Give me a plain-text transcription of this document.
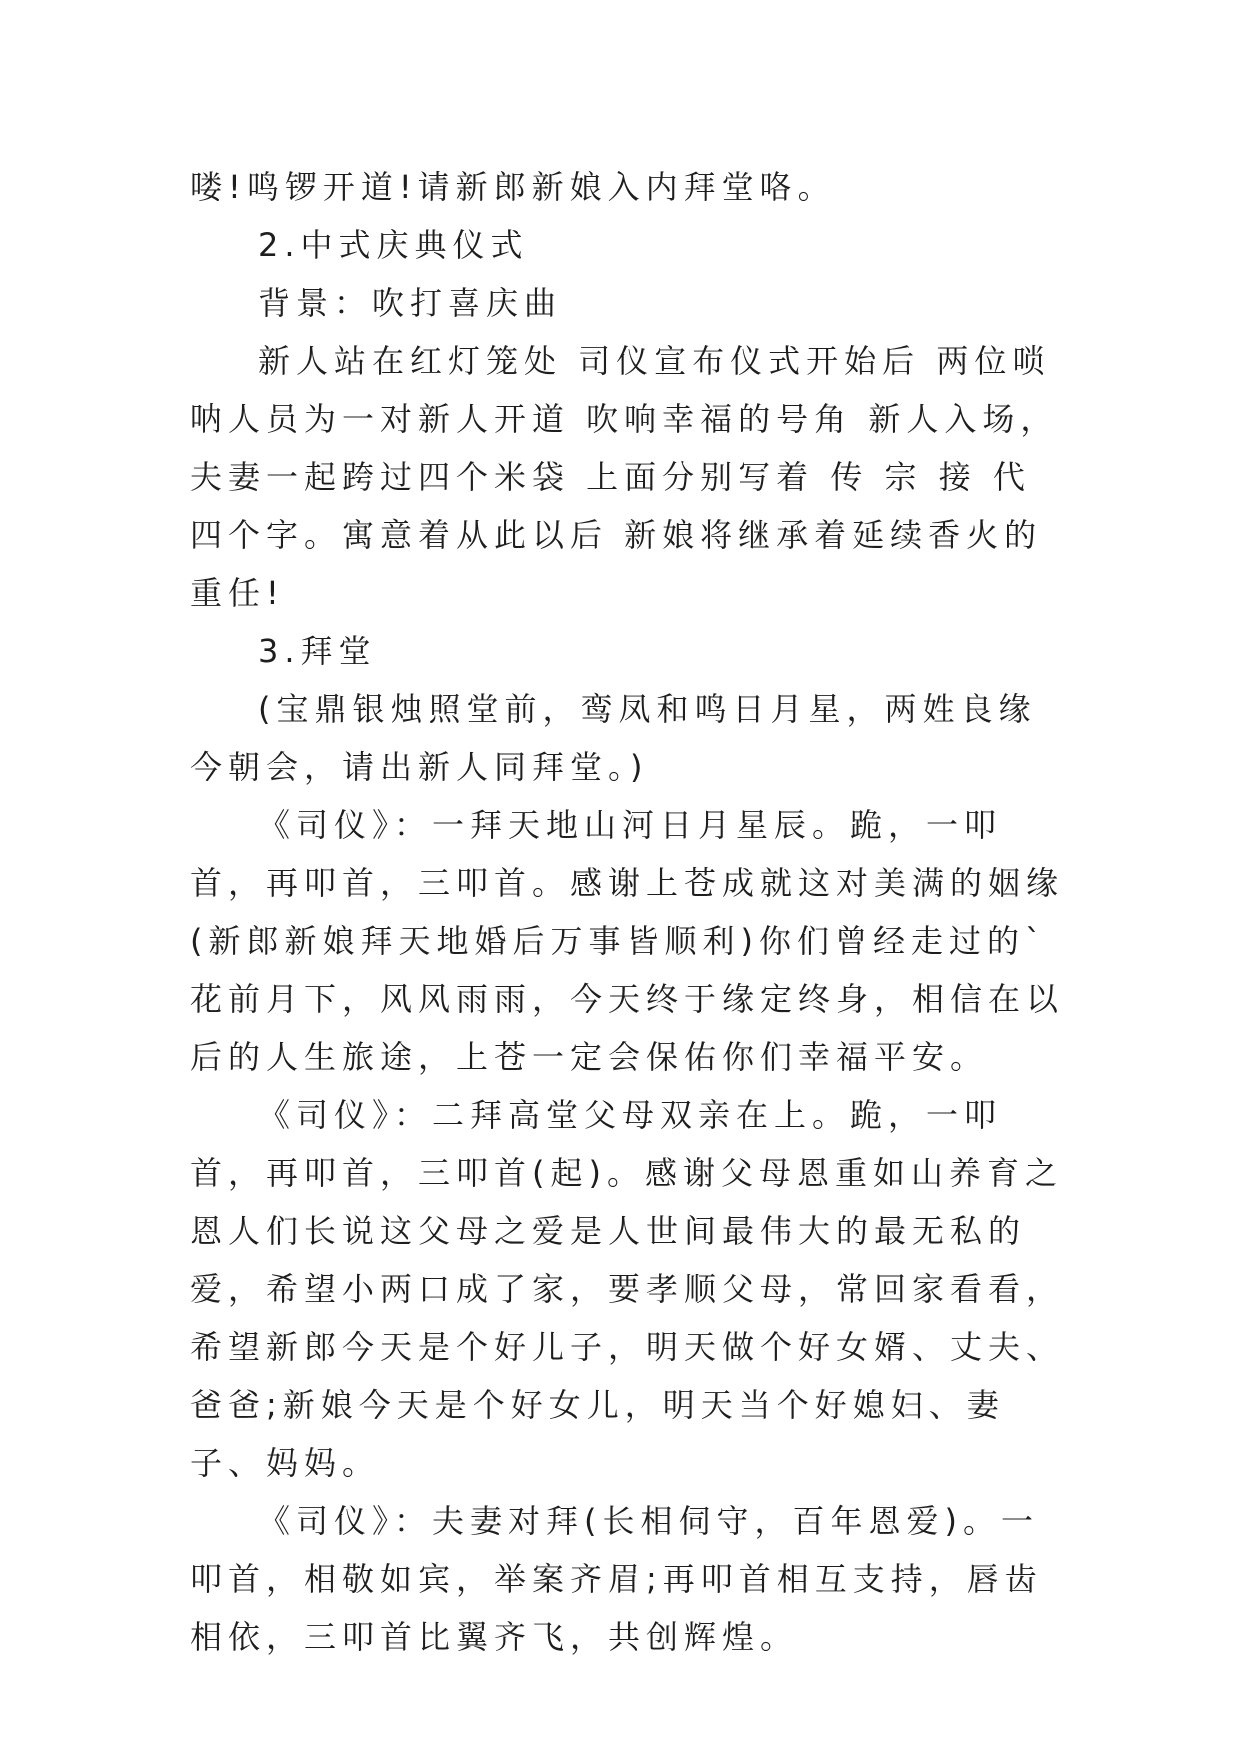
喽!鸣锣开道!请新郎新娘入内拜堂咯。

2.中式庆典仪式

背景：吹打喜庆曲

新人站在红灯笼处 司仪宣布仪式开始后 两位唢呐人员为一对新人开道 吹响幸福的号角 新人入场，夫妻一起跨过四个米袋 上面分别写着 传 宗 接 代 四个字。寓意着从此以后 新娘将继承着延续香火的重任!

3.拜堂

(宝鼎银烛照堂前，鸾凤和鸣日月星，两姓良缘今朝会，请出新人同拜堂。)

《司仪》：一拜天地山河日月星辰。跪，一叩首，再叩首，三叩首。感谢上苍成就这对美满的姻缘(新郎新娘拜天地婚后万事皆顺利)你们曾经走过的`花前月下，风风雨雨，今天终于缘定终身，相信在以后的人生旅途，上苍一定会保佑你们幸福平安。

《司仪》：二拜高堂父母双亲在上。跪，一叩首，再叩首，三叩首(起)。感谢父母恩重如山养育之恩人们长说这父母之爱是人世间最伟大的最无私的爱，希望小两口成了家，要孝顺父母，常回家看看，希望新郎今天是个好儿子，明天做个好女婿、丈夫、爸爸;新娘今天是个好女儿，明天当个好媳妇、妻子、妈妈。

《司仪》：夫妻对拜(长相伺守，百年恩爱)。一叩首，相敬如宾，举案齐眉;再叩首相互支持，唇齿相依，三叩首比翼齐飞，共创辉煌。
